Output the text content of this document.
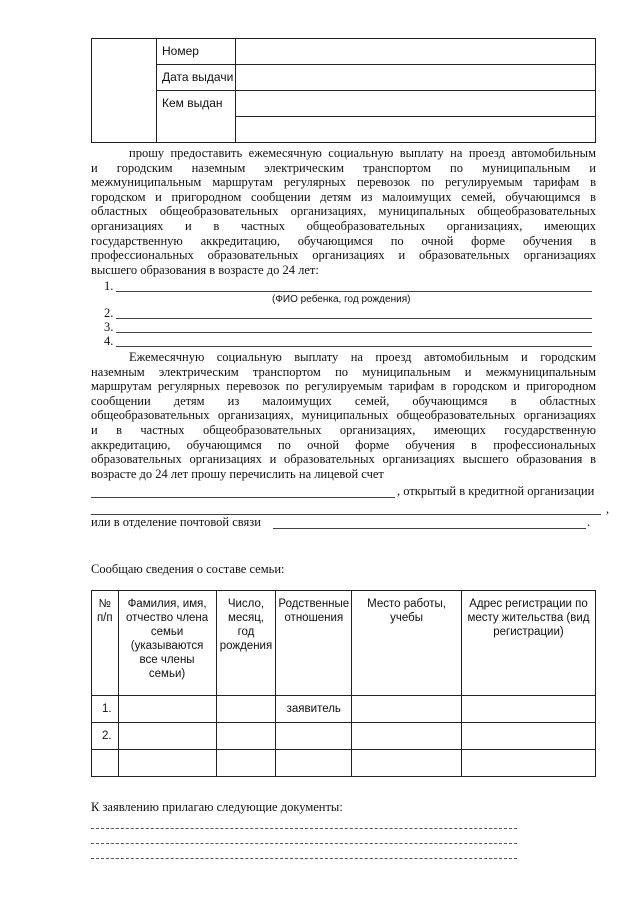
Номер
Дата выдачи
Кем выдан

прошу предоставить ежемесячную социальную выплату на проезд автомобильным

и городским наземным электрическим транспортом по муниципальным и

межмуниципальным маршрутам регулярных перевозок по регулируемым тарифам в

городском и пригородном сообщении детям из малоимущих семей, обучающимся в

областных общеобразовательных организациях, муниципальных общеобразовательных

организациях и в частных общеобразовательных организациях, имеющих

государственную аккредитацию, обучающимся по очной форме обучения в

профессиональных образовательных организациях и образовательных организациях

высшего образования в возрасте до 24 лет:

1.
(ФИО ребенка, год рождения)
2.
3.
4.

Ежемесячную социальную выплату на проезд автомобильным и городским

наземным электрическим транспортом по муниципальным и межмуниципальным

маршрутам регулярных перевозок по регулируемым тарифам в городском и пригородном

сообщении детям из малоимущих семей, обучающимся в областных

общеобразовательных организациях, муниципальных общеобразовательных организациях

и в частных общеобразовательных организациях, имеющих государственную

аккредитацию, обучающимся по очной форме обучения в профессиональных

образовательных организациях и образовательных организациях высшего образования в

возрасте до 24 лет прошу перечислить на лицевой счет

, открытый в кредитной организации
,
или в отделение почтовой связи	.
Сообщаю сведения о составе семьи:
№ п/п	Фамилия, имя, отчество члена семьи (указываются все члены семьи)	Число, месяц, год рождения	Родственные отношения	Место работы, учебы	Адрес регистрации по месту жительства (вид регистрации)
1.			заявитель		
2.					

К заявлению прилагаю следующие документы:
